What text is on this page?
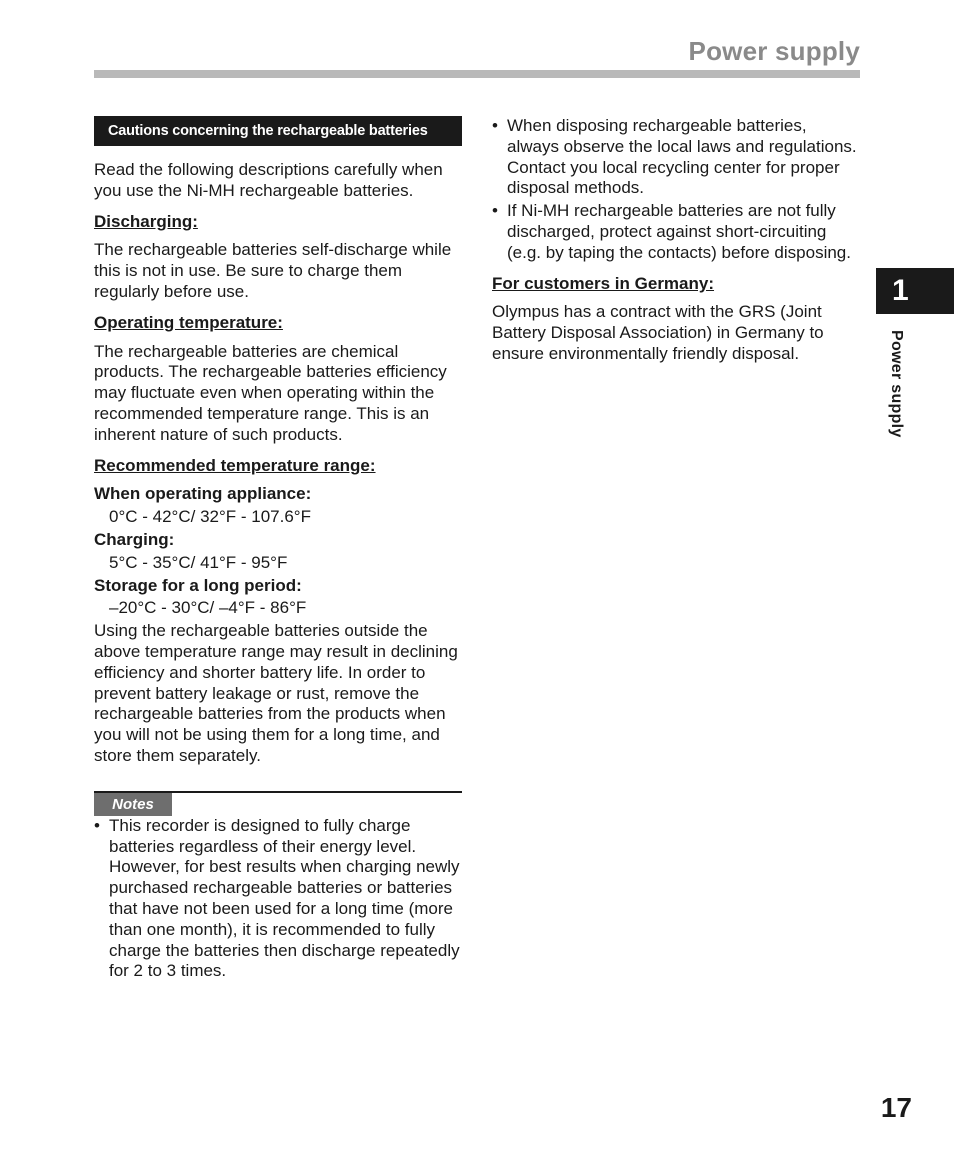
Power supply
Cautions concerning the rechargeable batteries

Read the following descriptions carefully when you use the Ni-MH rechargeable batteries.

Discharging:

The rechargeable batteries self-discharge while this is not in use. Be sure to charge them regularly before use.

Operating temperature:

The rechargeable batteries are chemical products. The rechargeable batteries efficiency may fluctuate even when operating within the recommended temperature range. This is an inherent nature of such products.

Recommended temperature range:
When operating appliance:
0°C - 42°C/ 32°F - 107.6°F
Charging:
5°C - 35°C/ 41°F - 95°F
Storage for a long period:
–20°C - 30°C/ –4°F - 86°F

Using the rechargeable batteries outside the above temperature range may result in declining efficiency and shorter battery life. In order to prevent battery leakage or rust, remove the rechargeable batteries from the products when you will not be using them for a long time, and store them separately.

Notes
• This recorder is designed to fully charge batteries regardless of their energy level. However, for best results when charging newly purchased rechargeable batteries or batteries that have not been used for a long time (more than one month), it is recommended to fully charge the batteries then discharge repeatedly for 2 to 3 times.
• When disposing rechargeable batteries, always observe the local laws and regulations. Contact you local recycling center for proper disposal methods.
• If Ni-MH rechargeable batteries are not fully discharged, protect against short-circuiting (e.g. by taping the contacts) before disposing.
For customers in Germany:

Olympus has a contract with the GRS (Joint Battery Disposal Association) in Germany to ensure environmentally friendly disposal.

1
Power supply
17
